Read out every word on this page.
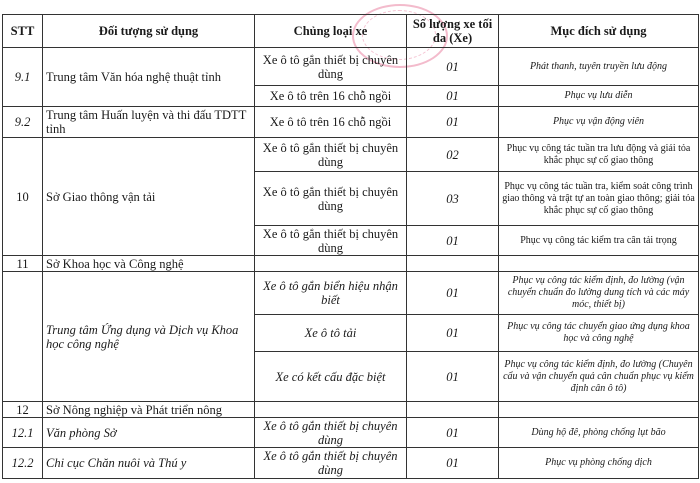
STT	Đối tượng sử dụng	Chủng loại xe	Số lượng xe tối đa (Xe)	Mục đích sử dụng
9.1	Trung tâm Văn hóa nghệ thuật tỉnh	Xe ô tô gắn thiết bị chuyên dùng	01	Phát thanh, tuyên truyền lưu động
		Xe ô tô trên 16 chỗ ngồi	01	Phục vụ lưu diễn
9.2	Trung tâm Huấn luyện và thi đấu TDTT tỉnh	Xe ô tô trên 16 chỗ ngồi	01	Phục vụ vận động viên
10	Sở Giao thông vận tải	Xe ô tô gắn thiết bị chuyên dùng	02	Phục vụ công tác tuần tra lưu động và giải tỏa khắc phục sự cố giao thông
		Xe ô tô gắn thiết bị chuyên dùng	03	Phục vụ công tác tuần tra, kiểm soát công trình giao thông và trật tự an toàn giao thông; giải tỏa khắc phục sự cố giao thông
		Xe ô tô gắn thiết bị chuyên dùng	01	Phục vụ công tác kiểm tra cân tải trọng
11	Sở Khoa học và Công nghệ			
	Trung tâm Ứng dụng và Dịch vụ Khoa học công nghệ	Xe ô tô gắn biển hiệu nhận biết	01	Phục vụ công tác kiểm định, đo lường (vận chuyển chuẩn đo lường dung tích và các máy móc, thiết bị)
		Xe ô tô tải	01	Phục vụ công tác chuyển giao ứng dụng khoa học và công nghệ
		Xe có kết cấu đặc biệt	01	Phục vụ công tác kiểm định, đo lường (Chuyên cẩu và vận chuyển quả cân chuẩn phục vụ kiểm định cân ô tô)
12	Sở Nông nghiệp và Phát triển nông			
12.1	Văn phòng Sở	Xe ô tô gắn thiết bị chuyên dùng	01	Dùng hộ đê, phòng chống lụt bão
12.2	Chi cục Chăn nuôi và Thú y	Xe ô tô gắn thiết bị chuyên dùng	01	Phục vụ phòng chống dịch
